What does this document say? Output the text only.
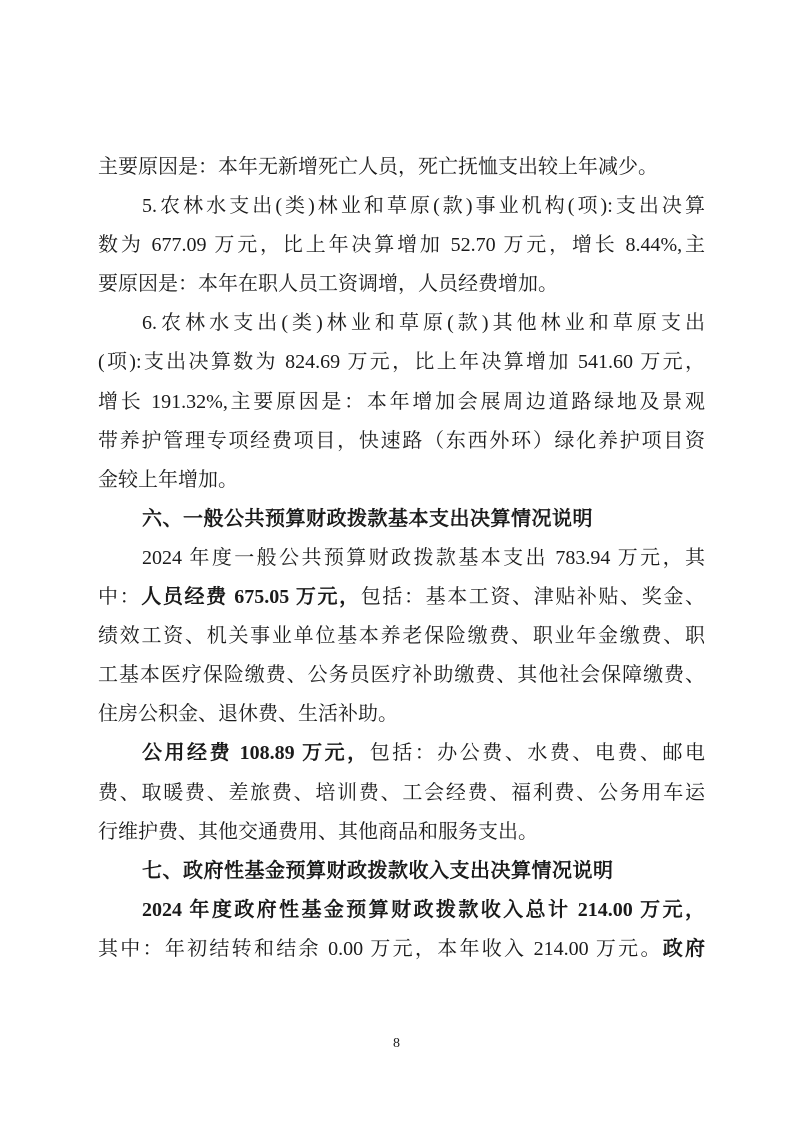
主要原因是：本年无新增死亡人员，死亡抚恤支出较上年减少。
5.农林水支出(类)林业和草原(款)事业机构(项):支出决算
数为 677.09 万元，比上年决算增加 52.70 万元，增长 8.44%,主
要原因是：本年在职人员工资调增，人员经费增加。
6.农林水支出(类)林业和草原(款)其他林业和草原支出
(项):支出决算数为 824.69 万元，比上年决算增加 541.60 万元，
增长 191.32%,主要原因是：本年增加会展周边道路绿地及景观
带养护管理专项经费项目，快速路（东西外环）绿化养护项目资
金较上年增加。
六、一般公共预算财政拨款基本支出决算情况说明
2024 年度一般公共预算财政拨款基本支出 783.94 万元，其
中：人员经费 675.05 万元，包括：基本工资、津贴补贴、奖金、
绩效工资、机关事业单位基本养老保险缴费、职业年金缴费、职
工基本医疗保险缴费、公务员医疗补助缴费、其他社会保障缴费、
住房公积金、退休费、生活补助。
公用经费 108.89 万元，包括：办公费、水费、电费、邮电
费、取暖费、差旅费、培训费、工会经费、福利费、公务用车运
行维护费、其他交通费用、其他商品和服务支出。
七、政府性基金预算财政拨款收入支出决算情况说明
2024 年度政府性基金预算财政拨款收入总计 214.00 万元，
其中：年初结转和结余 0.00 万元，本年收入 214.00 万元。政府
8
